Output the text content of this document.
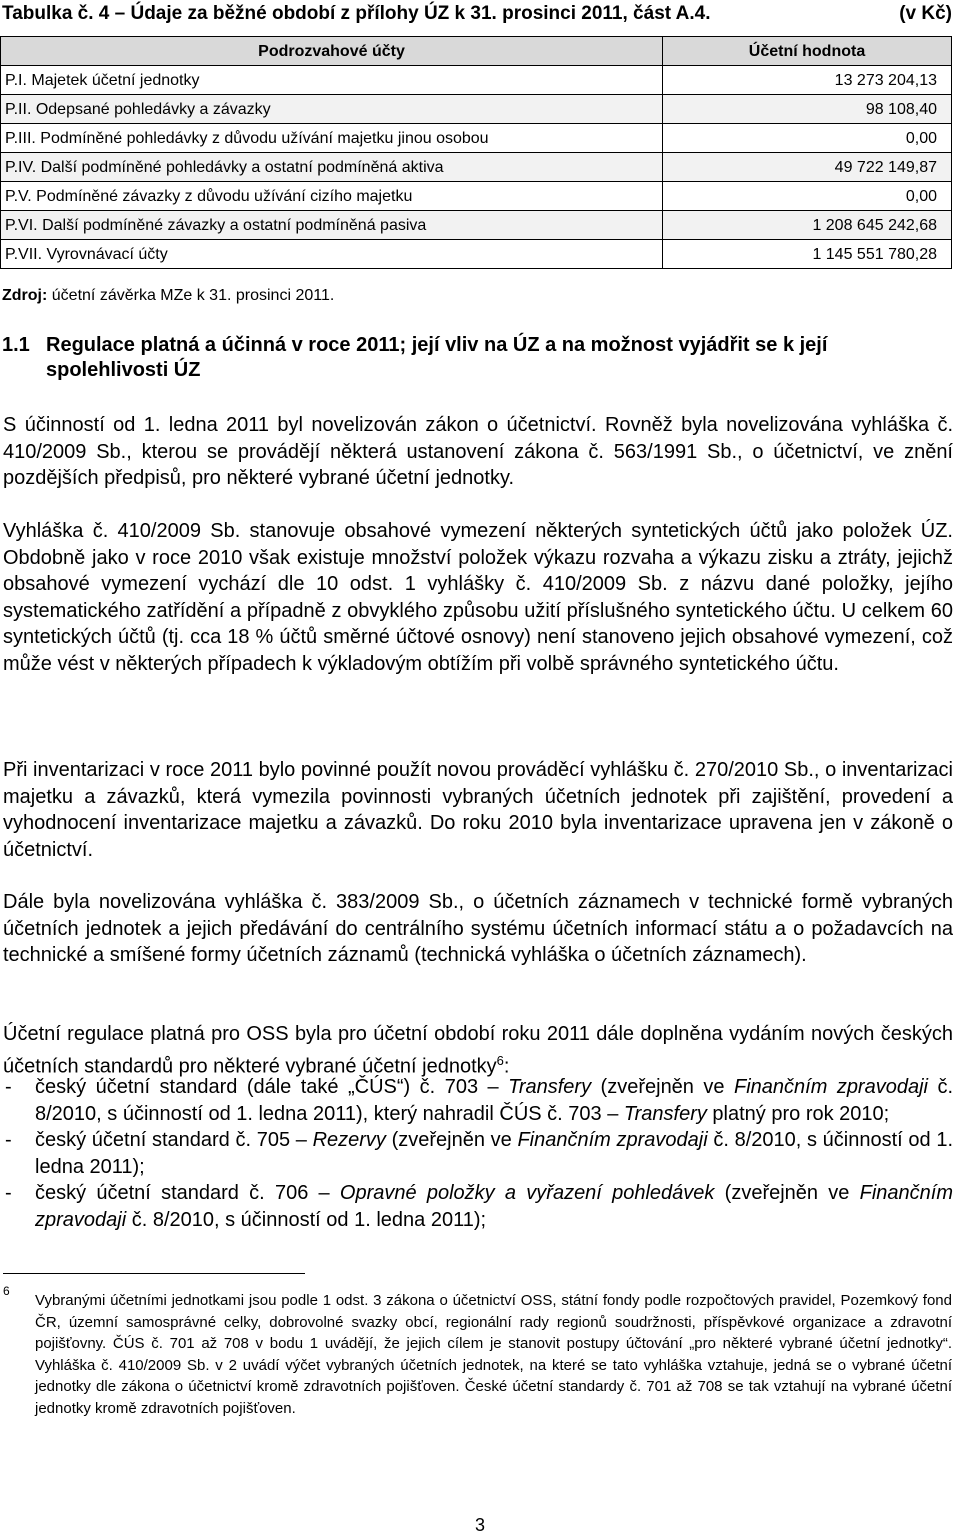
Tabulka č. 4 – Údaje za běžné období z přílohy ÚZ k 31. prosinci 2011, část A.4.	(v Kč)
Podrozvahové účty	Účetní hodnota
P.I. Majetek účetní jednotky	13 273 204,13
P.II. Odepsané pohledávky a závazky	98 108,40
P.III. Podmíněné pohledávky z důvodu užívání majetku jinou osobou	0,00
P.IV. Další podmíněné pohledávky a ostatní podmíněná aktiva	49 722 149,87
P.V. Podmíněné závazky z důvodu užívání cizího majetku	0,00
P.VI. Další podmíněné závazky a ostatní podmíněná pasiva	1 208 645 242,68
P.VII. Vyrovnávací účty	1 145 551 780,28
Zdroj: účetní závěrka MZe k 31. prosinci 2011.
1.1 Regulace platná a účinná v roce 2011; její vliv na ÚZ a na možnost vyjádřit se k její spolehlivosti ÚZ

S účinností od 1. ledna 2011 byl novelizován zákon o účetnictví. Rovněž byla novelizována vyhláška č. 410/2009 Sb., kterou se provádějí některá ustanovení zákona č. 563/1991 Sb., o účetnictví, ve znění pozdějších předpisů, pro některé vybrané účetní jednotky.

Vyhláška č. 410/2009 Sb. stanovuje obsahové vymezení některých syntetických účtů jako položek ÚZ. Obdobně jako v roce 2010 však existuje množství položek výkazu rozvaha a výkazu zisku a ztráty, jejichž obsahové vymezení vychází dle 10 odst. 1 vyhlášky č. 410/2009 Sb. z názvu dané položky, jejího systematického zatřídění a případně z obvyklého způsobu užití příslušného syntetického účtu. U celkem 60 syntetických účtů (tj. cca 18 % účtů směrné účtové osnovy) není stanoveno jejich obsahové vymezení, což může vést v některých případech k výkladovým obtížím při volbě správného syntetického účtu.

Při inventarizaci v roce 2011 bylo povinné použít novou prováděcí vyhlášku č. 270/2010 Sb., o inventarizaci majetku a závazků, která vymezila povinnosti vybraných účetních jednotek při zajištění, provedení a vyhodnocení inventarizace majetku a závazků. Do roku 2010 byla inventarizace upravena jen v zákoně o účetnictví.

Dále byla novelizována vyhláška č. 383/2009 Sb., o účetních záznamech v technické formě vybraných účetních jednotek a jejich předávání do centrálního systému účetních informací státu a o požadavcích na technické a smíšené formy účetních záznamů (technická vyhláška o účetních záznamech).

Účetní regulace platná pro OSS byla pro účetní období roku 2011 dále doplněna vydáním nových českých účetních standardů pro některé vybrané účetní jednotky$^6$:

- český účetní standard (dále také „ČÚS“) č. 703 – Transfery (zveřejněn ve Finančním zpravodaji č. 8/2010, s účinností od 1. ledna 2011), který nahradil ČÚS č. 703 – Transfery platný pro rok 2010;
- český účetní standard č. 705 – Rezervy (zveřejněn ve Finančním zpravodaji č. 8/2010, s účinností od 1. ledna 2011);
- český účetní standard č. 706 – Opravné položky a vyřazení pohledávek (zveřejněn ve Finančním zpravodaji č. 8/2010, s účinností od 1. ledna 2011);
6
Vybranými účetními jednotkami jsou podle 1 odst. 3 zákona o účetnictví OSS, státní fondy podle rozpočtových pravidel, Pozemkový fond ČR, územní samosprávné celky, dobrovolné svazky obcí, regionální rady regionů soudržnosti, příspěvkové organizace a zdravotní pojišťovny. ČÚS č. 701 až 708 v bodu 1 uvádějí, že jejich cílem je stanovit postupy účtování „pro některé vybrané účetní jednotky“. Vyhláška č. 410/2009 Sb. v 2 uvádí výčet vybraných účetních jednotek, na které se tato vyhláška vztahuje, jedná se o vybrané účetní jednotky dle zákona o účetnictví kromě zdravotních pojišťoven. České účetní standardy č. 701 až 708 se tak vztahují na vybrané účetní jednotky kromě zdravotních pojišťoven.
3
